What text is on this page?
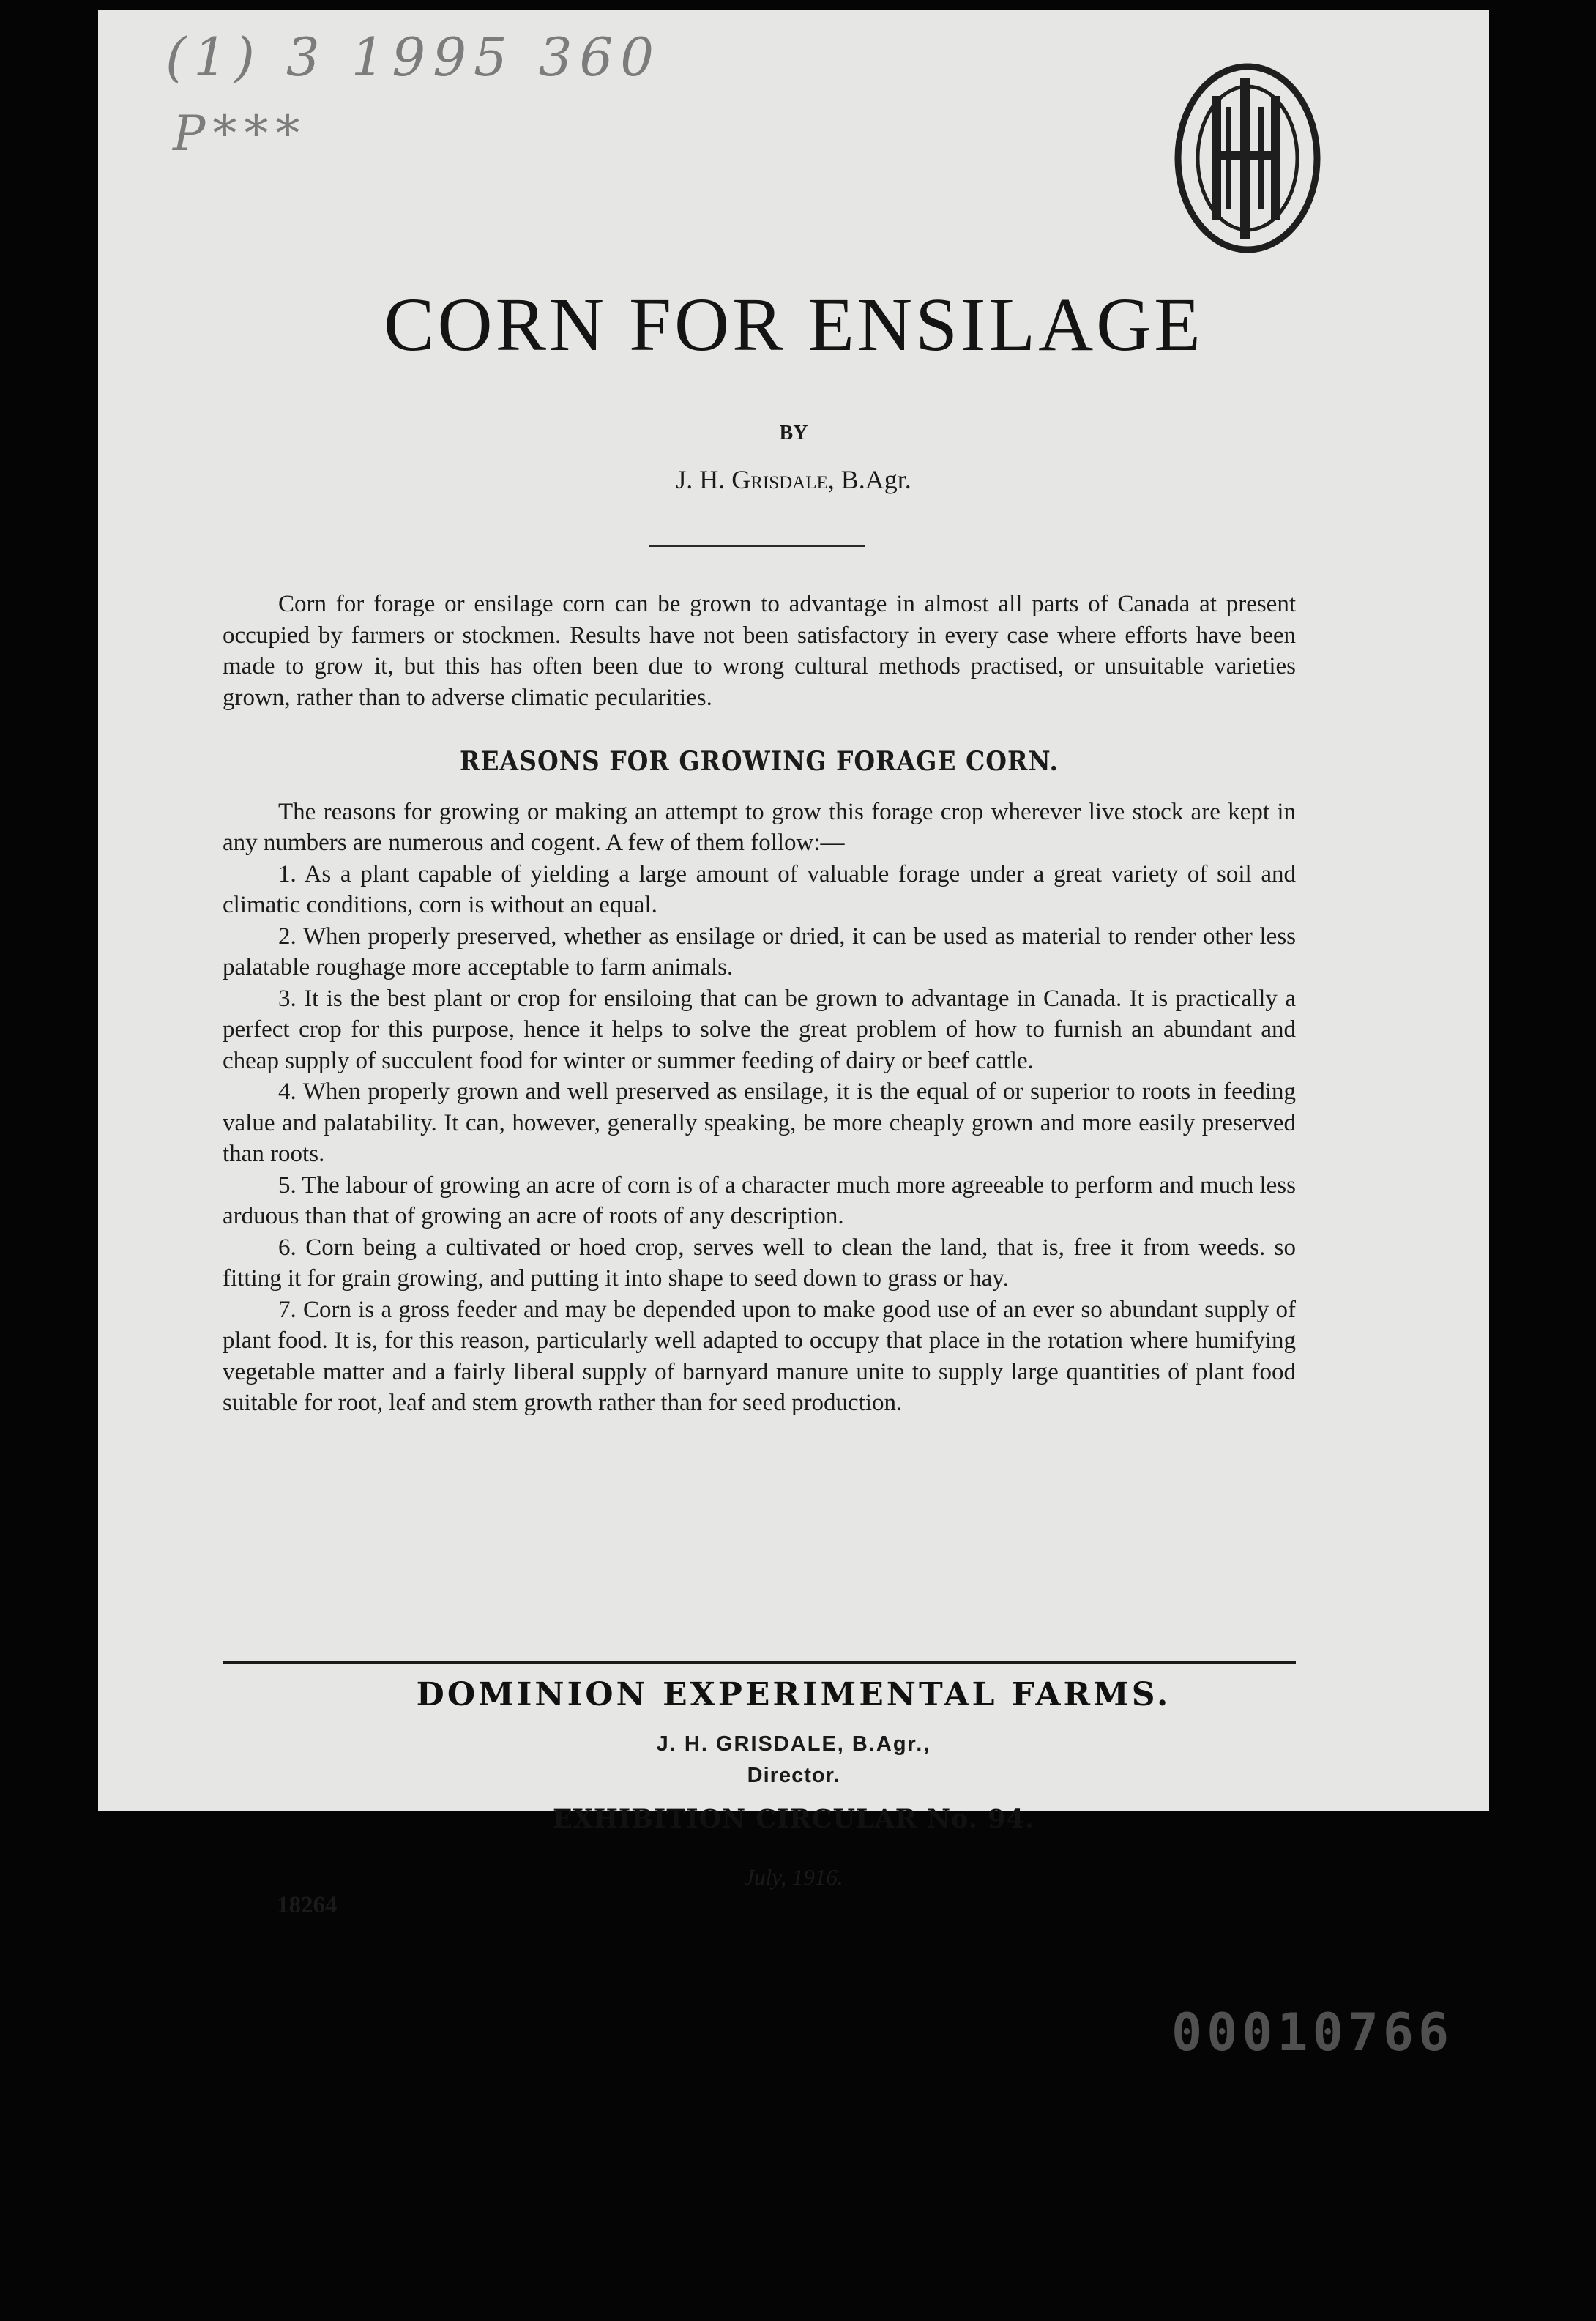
(1) 3 1995 360

P***

CORN FOR ENSILAGE
BY
J. H. Grisdale, B.Agr.

Corn for forage or ensilage corn can be grown to advantage in almost all parts of Canada at present occupied by farmers or stockmen. Results have not been satisfactory in every case where efforts have been made to grow it, but this has often been due to wrong cultural methods practised, or unsuitable varieties grown, rather than to adverse climatic pecularities.

REASONS FOR GROWING FORAGE CORN.

The reasons for growing or making an attempt to grow this forage crop wherever live stock are kept in any numbers are numerous and cogent. A few of them follow:—

1. As a plant capable of yielding a large amount of valuable forage under a great variety of soil and climatic conditions, corn is without an equal.
2. When properly preserved, whether as ensilage or dried, it can be used as material to render other less palatable roughage more acceptable to farm animals.
3. It is the best plant or crop for ensiloing that can be grown to advantage in Canada. It is practically a perfect crop for this purpose, hence it helps to solve the great problem of how to furnish an abundant and cheap supply of succulent food for winter or summer feeding of dairy or beef cattle.
4. When properly grown and well preserved as ensilage, it is the equal of or superior to roots in feeding value and palatability. It can, however, generally speaking, be more cheaply grown and more easily preserved than roots.
5. The labour of growing an acre of corn is of a character much more agreeable to perform and much less arduous than that of growing an acre of roots of any description.
6. Corn being a cultivated or hoed crop, serves well to clean the land, that is, free it from weeds. so fitting it for grain growing, and putting it into shape to seed down to grass or hay.
7. Corn is a gross feeder and may be depended upon to make good use of an ever so abundant supply of plant food. It is, for this reason, particularly well adapted to occupy that place in the rotation where humifying vegetable matter and a fairly liberal supply of barnyard manure unite to supply large quantities of plant food suitable for root, leaf and stem growth rather than for seed production.
DOMINION EXPERIMENTAL FARMS.
J. H. GRISDALE, B.Agr.,
Director.
EXHIBITION CIRCULAR No. 94.
July, 1916.
18264
00010766
